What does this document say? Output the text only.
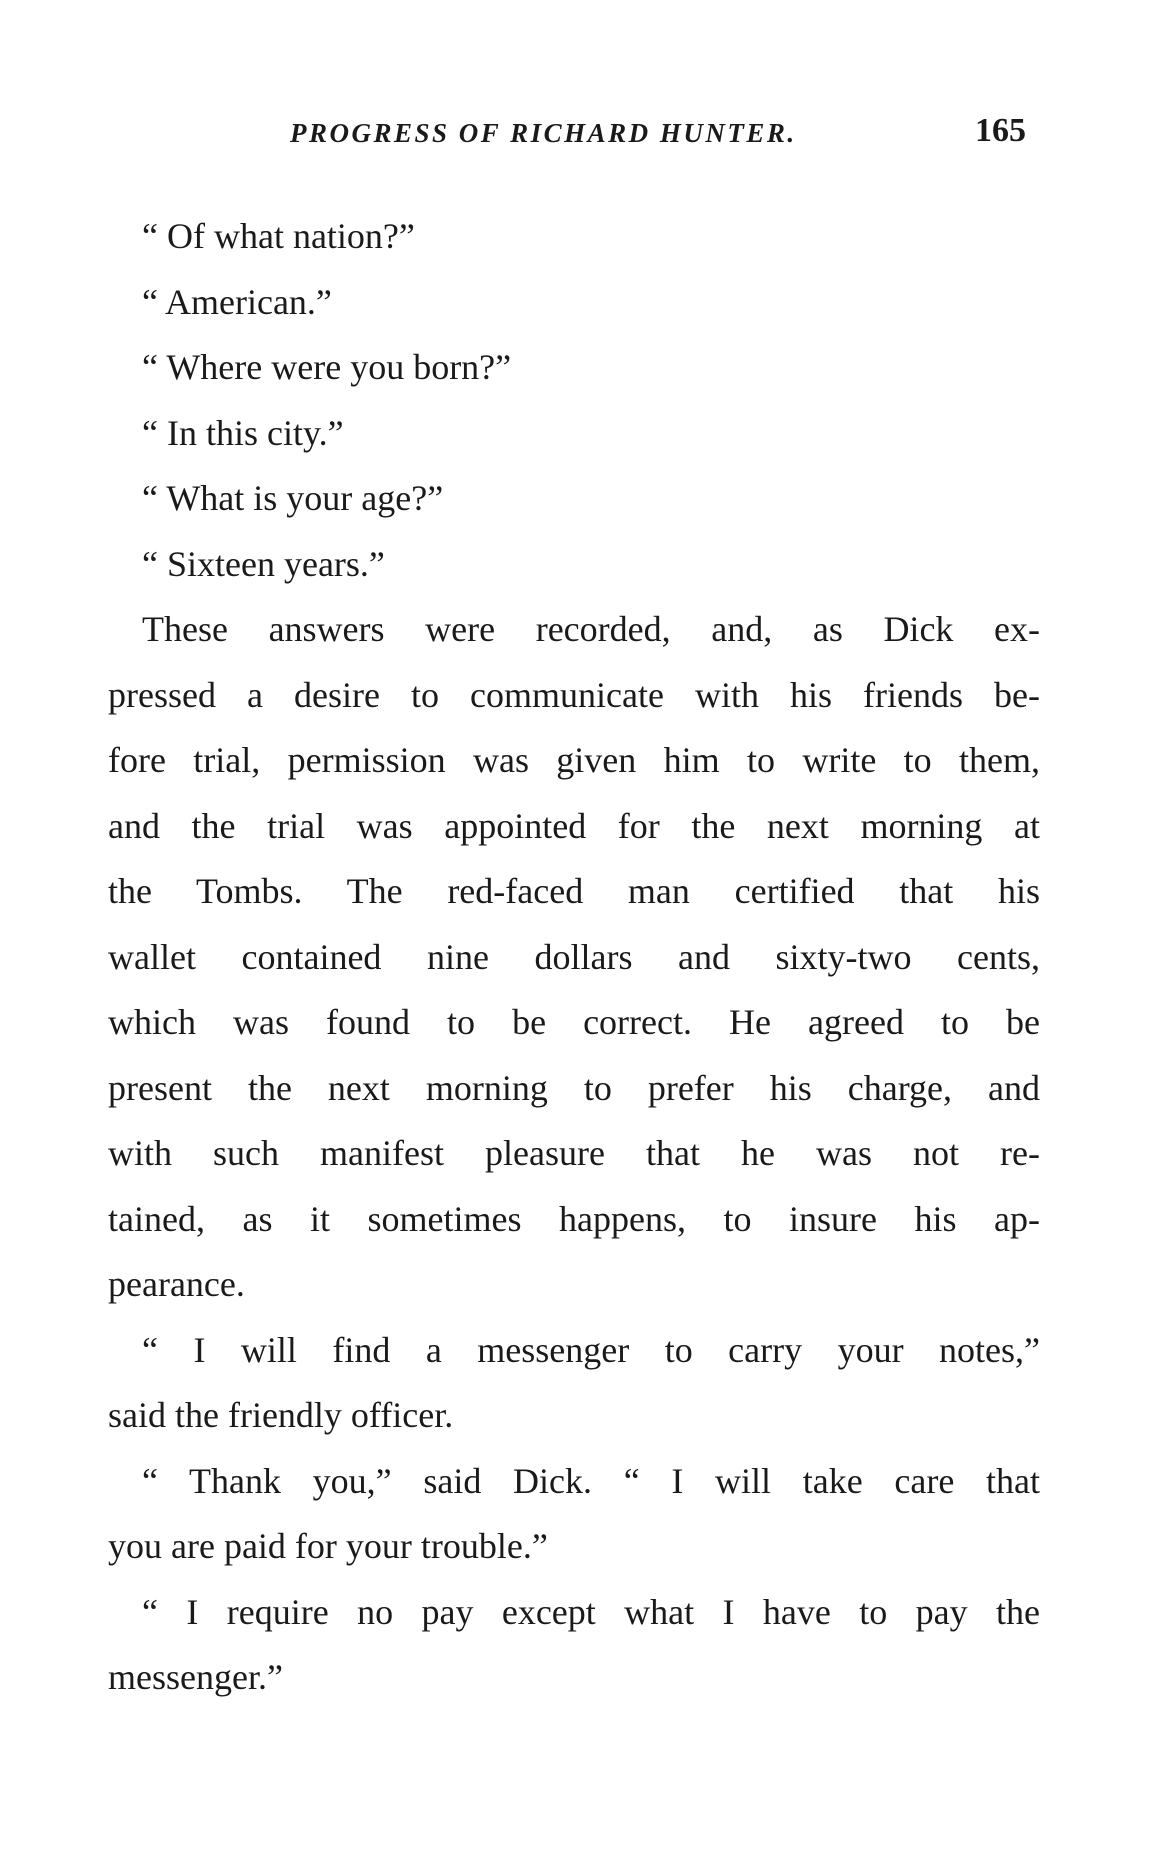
PROGRESS OF RICHARD HUNTER.	165
“ Of what nation?”
“ American.”
“ Where were you born?”
“ In this city.”
“ What is your age?”
“ Sixteen years.”
These answers were recorded, and, as Dick ex-
pressed a desire to communicate with his friends be-
fore trial, permission was given him to write to them,
and the trial was appointed for the next morning at
the Tombs. The red-faced man certified that his
wallet contained nine dollars and sixty-two cents,
which was found to be correct. He agreed to be
present the next morning to prefer his charge, and
with such manifest pleasure that he was not re-
tained, as it sometimes happens, to insure his ap-
pearance.
“ I will find a messenger to carry your notes,”
said the friendly officer.
“ Thank you,” said Dick. “ I will take care that
you are paid for your trouble.”
“ I require no pay except what I have to pay the
messenger.”
